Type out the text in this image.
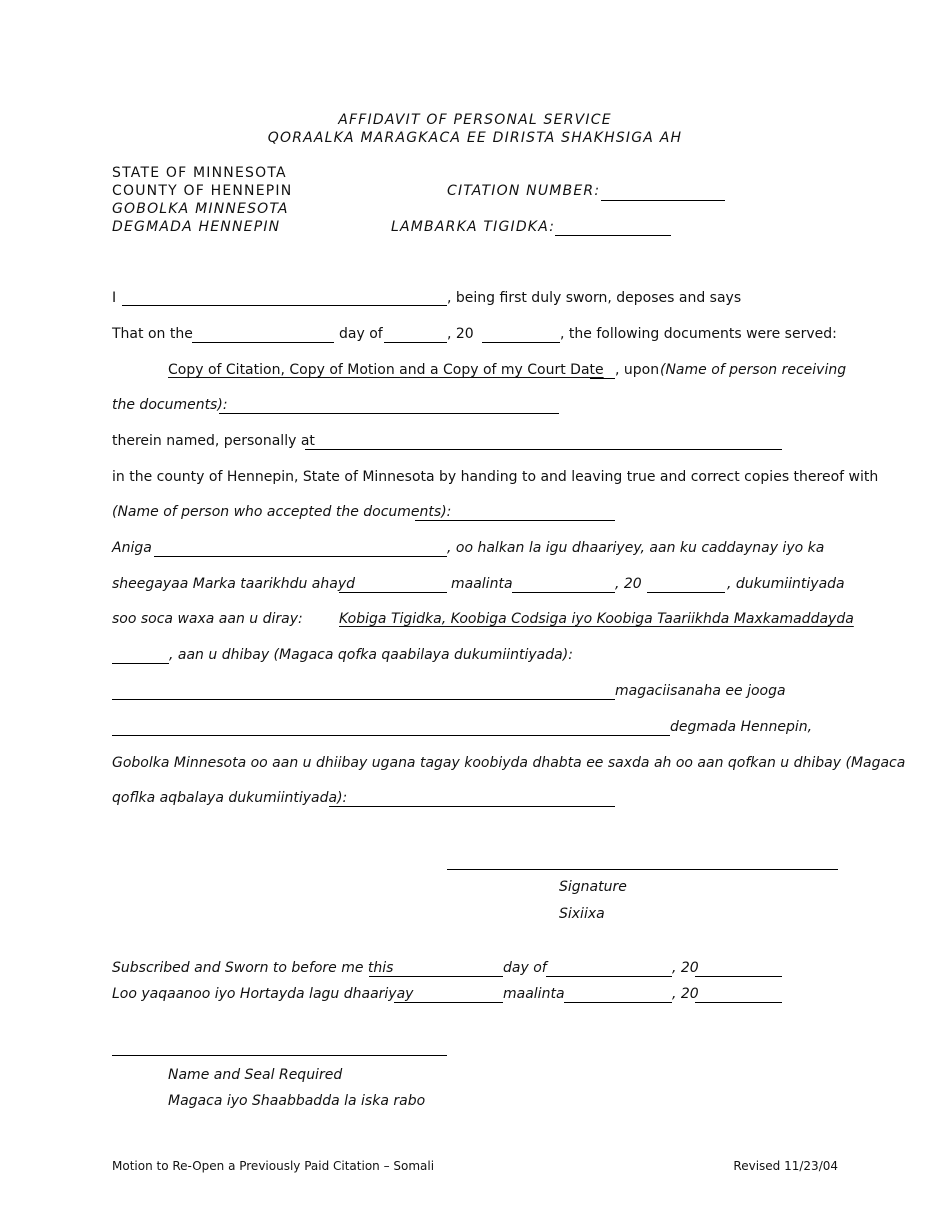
AFFIDAVIT OF PERSONAL SERVICE
QORAALKA MARAGKACA EE DIRISTA SHAKHSIGA AH
STATE OF MINNESOTA
COUNTY OF HENNEPIN
GOBOLKA MINNESOTA
DEGMADA HENNEPIN
CITATION NUMBER:
LAMBARKA TIGIDKA:
I	, being first duly sworn, deposes and says
That on the	day of	, 20	, the following documents were served:
Copy of Citation, Copy of Motion and a Copy of my Court Date , upon (Name of person receiving
the documents):
therein named, personally at
in the county of Hennepin, State of Minnesota by handing to and leaving true and correct copies thereof with
(Name of person who accepted the documents):
Aniga	, oo halkan la igu dhaariyey, aan ku caddaynay iyo ka
sheegayaa Marka taarikhdu ahayd	maalinta	, 20	, dukumiintiyada
soo soca waxa aan u diray:	Kobiga Tigidka, Koobiga Codsiga iyo Koobiga Taariikhda Maxkamaddayda
, aan u dhibay (Magaca qofka qaabilaya dukumiintiyada):
magaciisanaha ee jooga
degmada Hennepin,
Gobolka Minnesota oo aan u dhiibay ugana tagay koobiyda dhabta ee saxda ah oo aan qofkan u dhibay (Magaca
qoflka aqbalaya dukumiintiyada):
Signature
Sixiixa
Subscribed and Sworn to before me this	day of	, 20
Loo yaqaanoo iyo Hortayda lagu dhaariyay	maalinta	, 20
Name and Seal Required
Magaca iyo Shaabbadda la iska rabo
Motion to Re-Open a Previously Paid Citation – Somali	Revised 11/23/04
